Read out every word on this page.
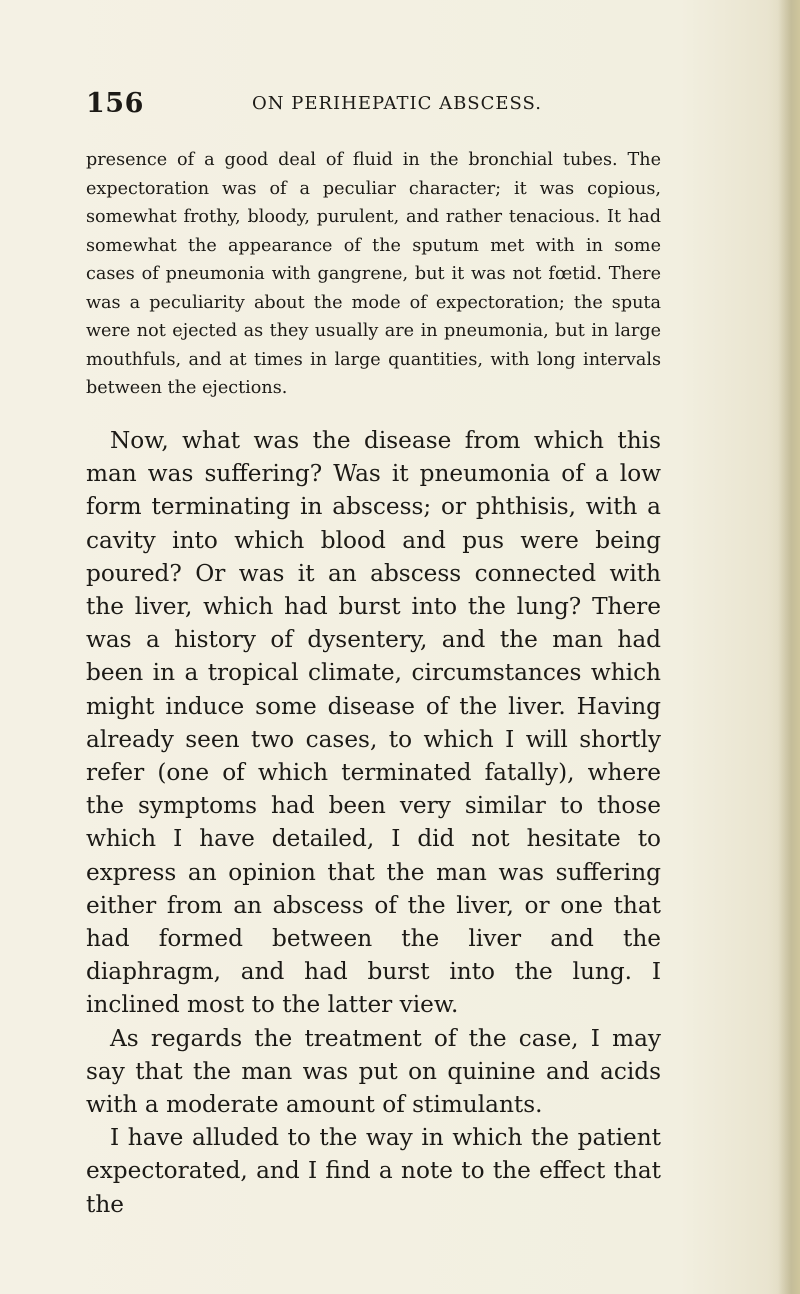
156	ON PERIHEPATIC ABSCESS.

presence of a good deal of fluid in the bronchial tubes. The expectoration was of a peculiar character; it was copious, somewhat frothy, bloody, purulent, and rather tenacious. It had somewhat the appearance of the sputum met with in some cases of pneumonia with gangrene, but it was not fœtid. There was a peculiarity about the mode of expectoration; the sputa were not ejected as they usually are in pneumonia, but in large mouthfuls, and at times in large quantities, with long intervals between the ejections.

Now, what was the disease from which this man was suffering? Was it pneumonia of a low form terminating in abscess; or phthisis, with a cavity into which blood and pus were being poured? Or was it an abscess connected with the liver, which had burst into the lung? There was a history of dysentery, and the man had been in a tropical climate, circumstances which might induce some disease of the liver. Having already seen two cases, to which I will shortly refer (one of which terminated fatally), where the symptoms had been very similar to those which I have detailed, I did not hesitate to express an opinion that the man was suffering either from an abscess of the liver, or one that had formed between the liver and the diaphragm, and had burst into the lung. I inclined most to the latter view.

As regards the treatment of the case, I may say that the man was put on quinine and acids with a moderate amount of stimulants.

I have alluded to the way in which the patient expectorated, and I find a note to the effect that the
